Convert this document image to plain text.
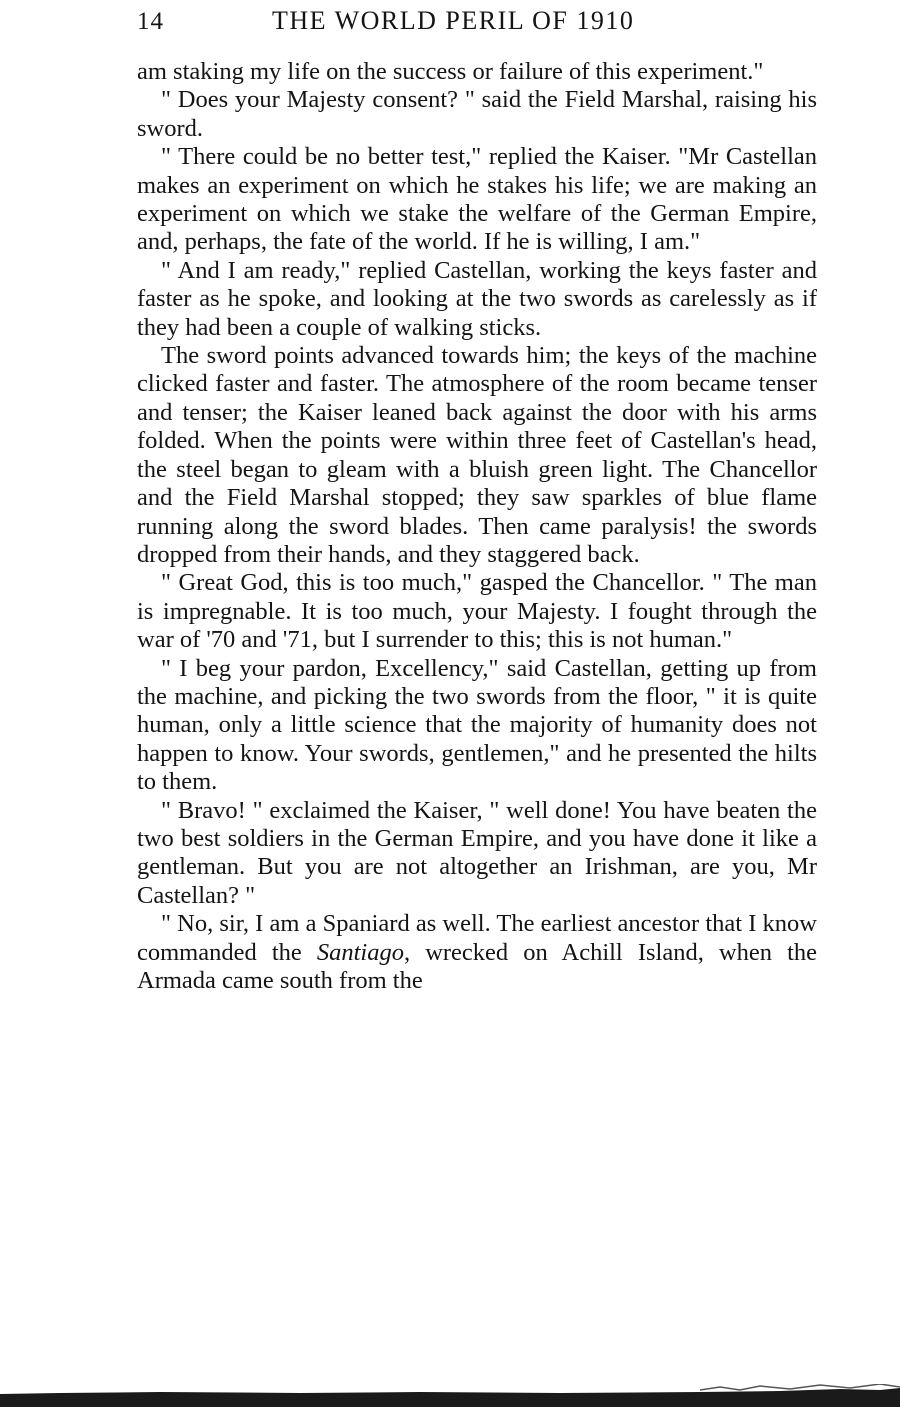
14	THE WORLD PERIL OF 1910

am staking my life on the success or failure of this experiment."

" Does your Majesty consent? " said the Field Marshal, raising his sword.

" There could be no better test," replied the Kaiser. "Mr Castellan makes an experiment on which he stakes his life; we are making an experiment on which we stake the welfare of the German Empire, and, perhaps, the fate of the world. If he is willing, I am."

" And I am ready," replied Castellan, working the keys faster and faster as he spoke, and looking at the two swords as carelessly as if they had been a couple of walking sticks.

The sword points advanced towards him; the keys of the machine clicked faster and faster. The atmosphere of the room became tenser and tenser; the Kaiser leaned back against the door with his arms folded. When the points were within three feet of Castellan's head, the steel began to gleam with a bluish green light. The Chancellor and the Field Marshal stopped; they saw sparkles of blue flame running along the sword blades. Then came paralysis! the swords dropped from their hands, and they staggered back.

" Great God, this is too much," gasped the Chancellor. " The man is impregnable. It is too much, your Majesty. I fought through the war of '70 and '71, but I surrender to this; this is not human."

" I beg your pardon, Excellency," said Castellan, getting up from the machine, and picking the two swords from the floor, " it is quite human, only a little science that the majority of humanity does not happen to know. Your swords, gentlemen," and he presented the hilts to them.

" Bravo! " exclaimed the Kaiser, " well done! You have beaten the two best soldiers in the German Empire, and you have done it like a gentleman. But you are not altogether an Irishman, are you, Mr Castellan? "

" No, sir, I am a Spaniard as well. The earliest ancestor that I know commanded the Santiago, wrecked on Achill Island, when the Armada came south from the
